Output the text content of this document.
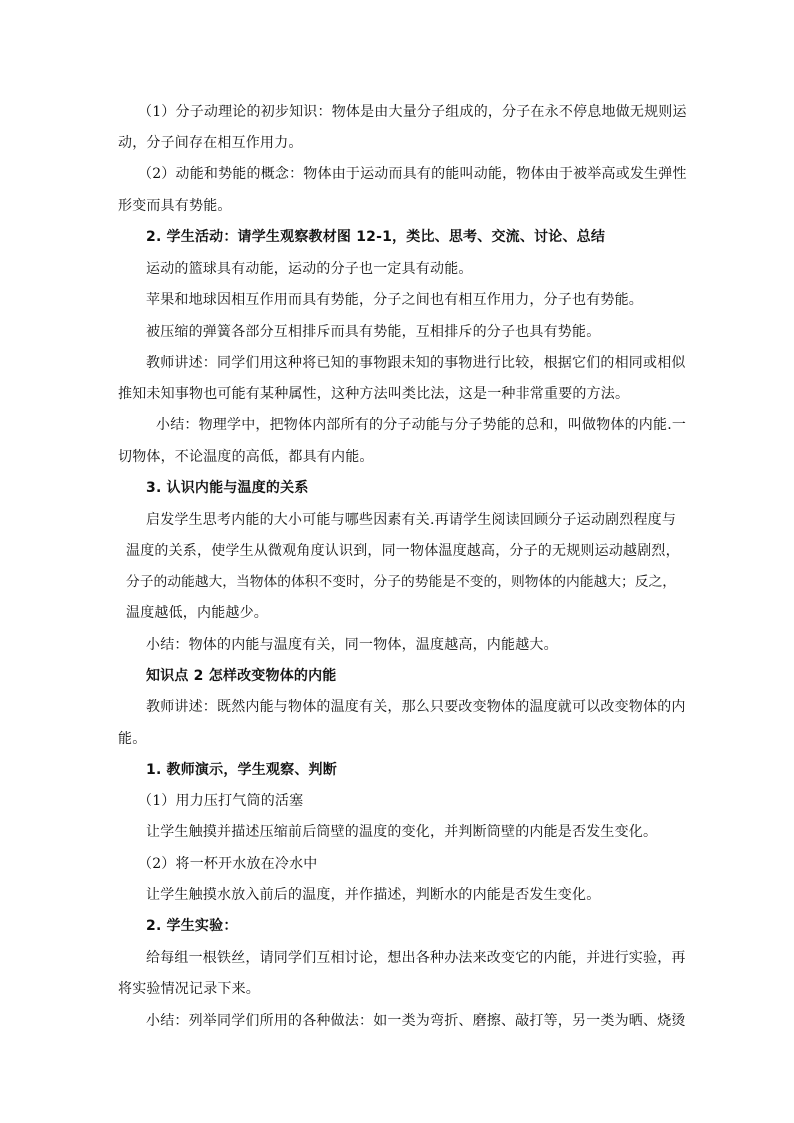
（1）分子动理论的初步知识：物体是由大量分子组成的，分子在永不停息地做无规则运
动，分子间存在相互作用力。
（2）动能和势能的概念：物体由于运动而具有的能叫动能，物体由于被举高或发生弹性
形变而具有势能。
2. 学生活动：请学生观察教材图 12-1，类比、思考、交流、讨论、总结
运动的篮球具有动能，运动的分子也一定具有动能。
苹果和地球因相互作用而具有势能，分子之间也有相互作用力，分子也有势能。
被压缩的弹簧各部分互相排斥而具有势能，互相排斥的分子也具有势能。
教师讲述：同学们用这种将已知的事物跟未知的事物进行比较，根据它们的相同或相似
推知未知事物也可能有某种属性，这种方法叫类比法，这是一种非常重要的方法。
小结：物理学中，把物体内部所有的分子动能与分子势能的总和，叫做物体的内能.一
切物体，不论温度的高低，都具有内能。
3. 认识内能与温度的关系
启发学生思考内能的大小可能与哪些因素有关.再请学生阅读回顾分子运动剧烈程度与
温度的关系，使学生从微观角度认识到，同一物体温度越高，分子的无规则运动越剧烈，
分子的动能越大，当物体的体积不变时，分子的势能是不变的，则物体的内能越大；反之，
温度越低，内能越少。
小结：物体的内能与温度有关，同一物体，温度越高，内能越大。
知识点 2 怎样改变物体的内能
教师讲述：既然内能与物体的温度有关，那么只要改变物体的温度就可以改变物体的内
能。
1. 教师演示，学生观察、判断
（1）用力压打气筒的活塞
让学生触摸并描述压缩前后筒壁的温度的变化，并判断筒壁的内能是否发生变化。
（2）将一杯开水放在冷水中
让学生触摸水放入前后的温度，并作描述，判断水的内能是否发生变化。
2. 学生实验：
给每组一根铁丝，请同学们互相讨论，想出各种办法来改变它的内能，并进行实验，再
将实验情况记录下来。
小结：列举同学们所用的各种做法：如一类为弯折、磨擦、敲打等，另一类为晒、烧烫
